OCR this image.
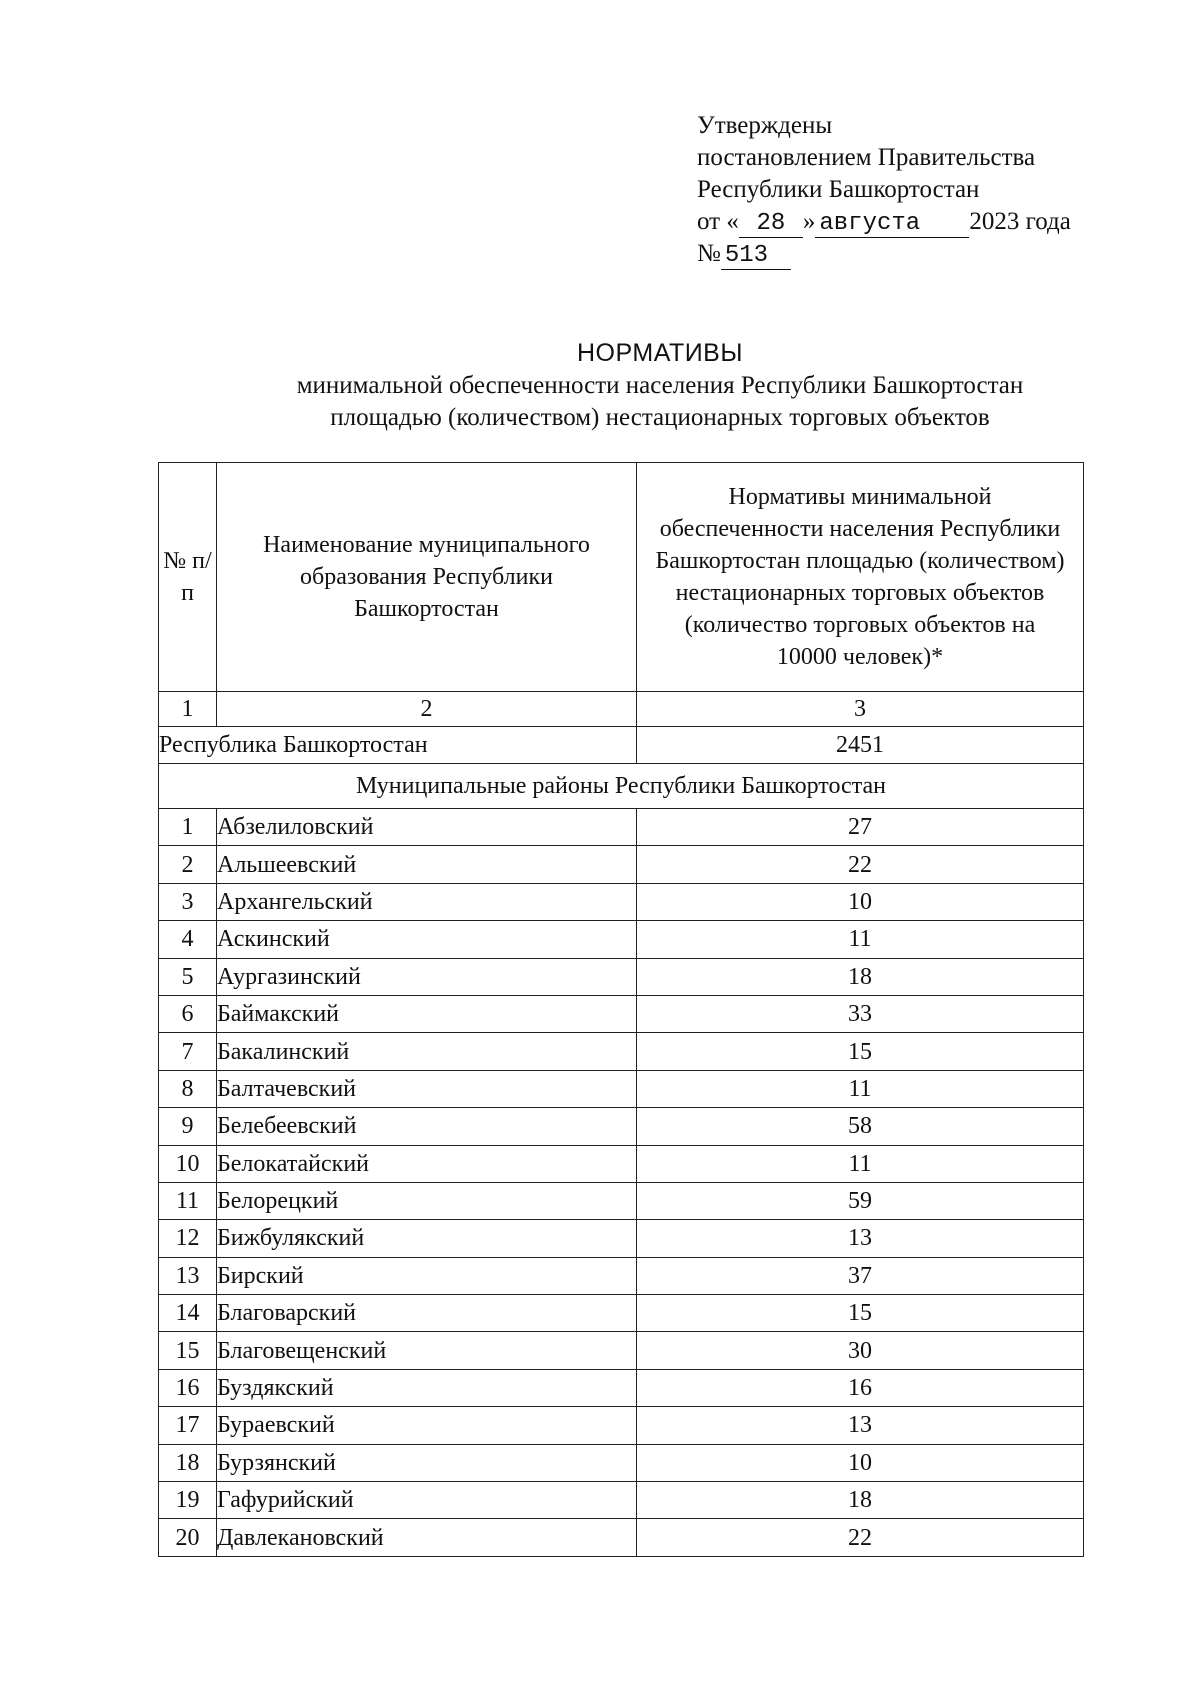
Утверждены
постановлением Правительства
Республики Башкортостан
от « 28 » августа 2023 года
№ 513
НОРМАТИВЫ
минимальной обеспеченности населения Республики Башкортостан
площадью (количеством) нестационарных торговых объектов
№ п/п	Наименование муниципального образования Республики Башкортостан	Нормативы минимальной обеспеченности населения Республики Башкортостан площадью (количеством) нестационарных торговых объектов (количество торговых объектов на 10000 человек)*
1	2	3
Республика Башкортостан		2451
Муниципальные районы Республики Башкортостан		
1	Абзелиловский	27
2	Альшеевский	22
3	Архангельский	10
4	Аскинский	11
5	Аургазинский	18
6	Баймакский	33
7	Бакалинский	15
8	Балтачевский	11
9	Белебеевский	58
10	Белокатайский	11
11	Белорецкий	59
12	Бижбулякский	13
13	Бирский	37
14	Благоварский	15
15	Благовещенский	30
16	Буздякский	16
17	Бураевский	13
18	Бурзянский	10
19	Гафурийский	18
20	Давлекановский	22
